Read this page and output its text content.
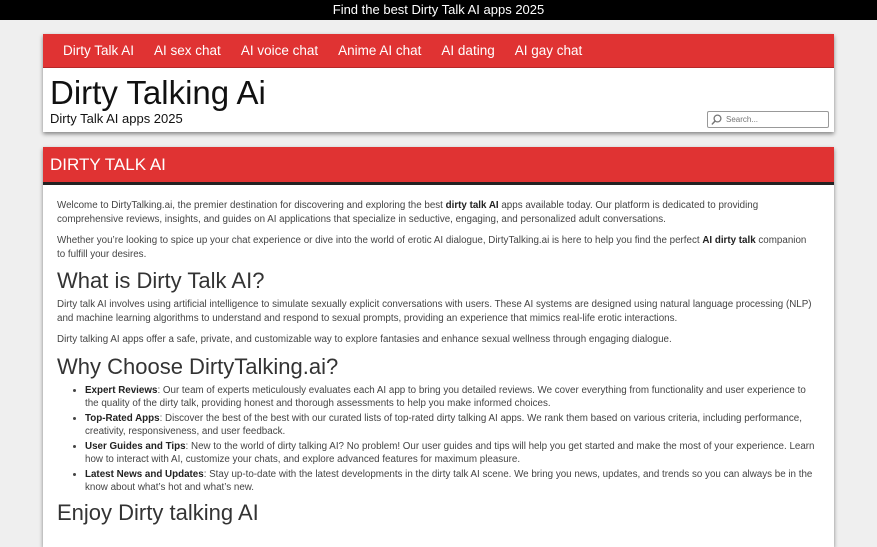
Find the best Dirty Talk AI apps 2025
Dirty Talk AI	AI sex chat	AI voice chat	Anime AI chat	AI dating	AI gay chat
Dirty Talking Ai
Dirty Talk AI apps 2025
Search...
DIRTY TALK AI

Welcome to DirtyTalking.ai, the premier destination for discovering and exploring the best dirty talk AI apps available today. Our platform is dedicated to providing comprehensive reviews, insights, and guides on AI applications that specialize in seductive, engaging, and personalized adult conversations.

Whether you’re looking to spice up your chat experience or dive into the world of erotic AI dialogue, DirtyTalking.ai is here to help you find the perfect AI dirty talk companion to fulfill your desires.

What is Dirty Talk AI?

Dirty talk AI involves using artificial intelligence to simulate sexually explicit conversations with users. These AI systems are designed using natural language processing (NLP) and machine learning algorithms to understand and respond to sexual prompts, providing an experience that mimics real-life erotic interactions.

Dirty talking AI apps offer a safe, private, and customizable way to explore fantasies and enhance sexual wellness through engaging dialogue.

Why Choose DirtyTalking.ai?
• Expert Reviews: Our team of experts meticulously evaluates each AI app to bring you detailed reviews. We cover everything from functionality and user experience to the quality of the dirty talk, providing honest and thorough assessments to help you make informed choices.
• Top-Rated Apps: Discover the best of the best with our curated lists of top-rated dirty talking AI apps. We rank them based on various criteria, including performance, creativity, responsiveness, and user feedback.
• User Guides and Tips: New to the world of dirty talking AI? No problem! Our user guides and tips will help you get started and make the most of your experience. Learn how to interact with AI, customize your chats, and explore advanced features for maximum pleasure.
• Latest News and Updates: Stay up-to-date with the latest developments in the dirty talk AI scene. We bring you news, updates, and trends so you can always be in the know about what’s hot and what’s new.
Enjoy Dirty talking AI
